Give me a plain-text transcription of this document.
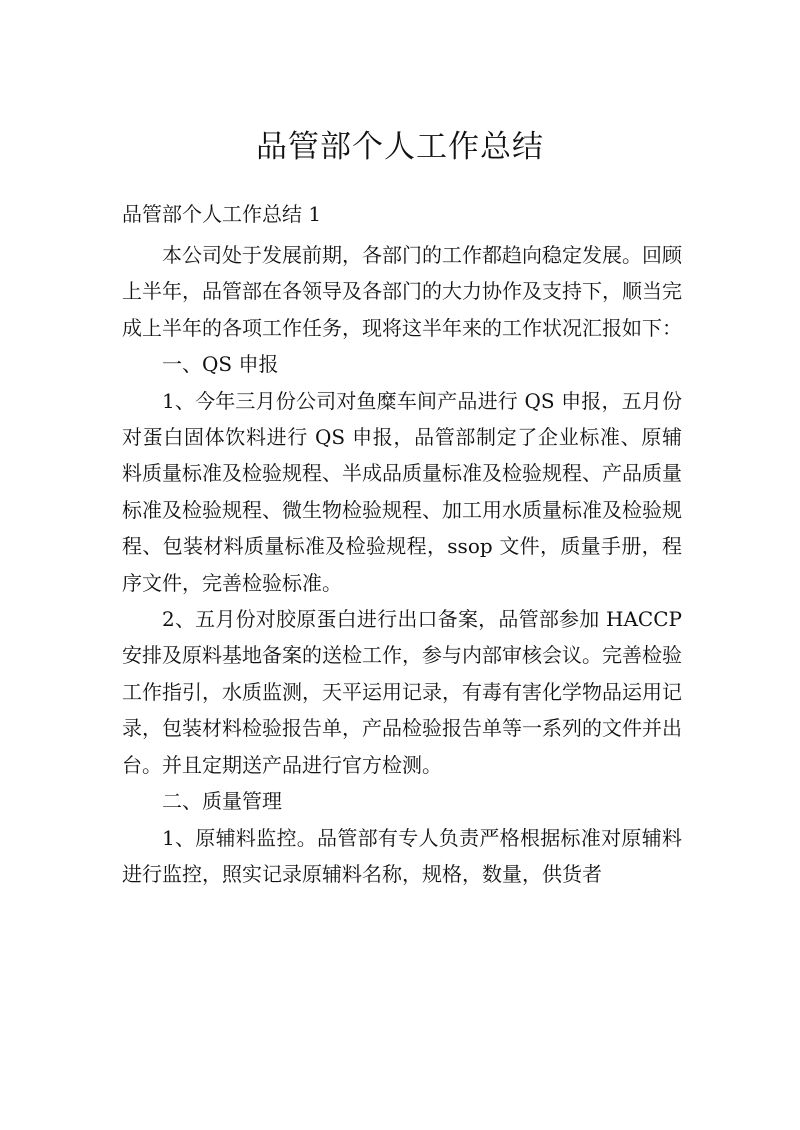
品管部个人工作总结
品管部个人工作总结 1

本公司处于发展前期，各部门的工作都趋向稳定发展。回顾上半年，品管部在各领导及各部门的大力协作及支持下，顺当完成上半年的各项工作任务，现将这半年来的工作状况汇报如下：

一、QS 申报

1、今年三月份公司对鱼糜车间产品进行 QS 申报，五月份对蛋白固体饮料进行 QS 申报，品管部制定了企业标准、原辅料质量标准及检验规程、半成品质量标准及检验规程、产品质量标准及检验规程、微生物检验规程、加工用水质量标准及检验规程、包装材料质量标准及检验规程，ssop 文件，质量手册，程序文件，完善检验标准。

2、五月份对胶原蛋白进行出口备案，品管部参加 HACCP 安排及原料基地备案的送检工作，参与内部审核会议。完善检验工作指引，水质监测，天平运用记录，有毒有害化学物品运用记录，包装材料检验报告单，产品检验报告单等一系列的文件并出台。并且定期送产品进行官方检测。

二、质量管理

1、原辅料监控。品管部有专人负责严格根据标准对原辅料进行监控，照实记录原辅料名称，规格，数量，供货者
